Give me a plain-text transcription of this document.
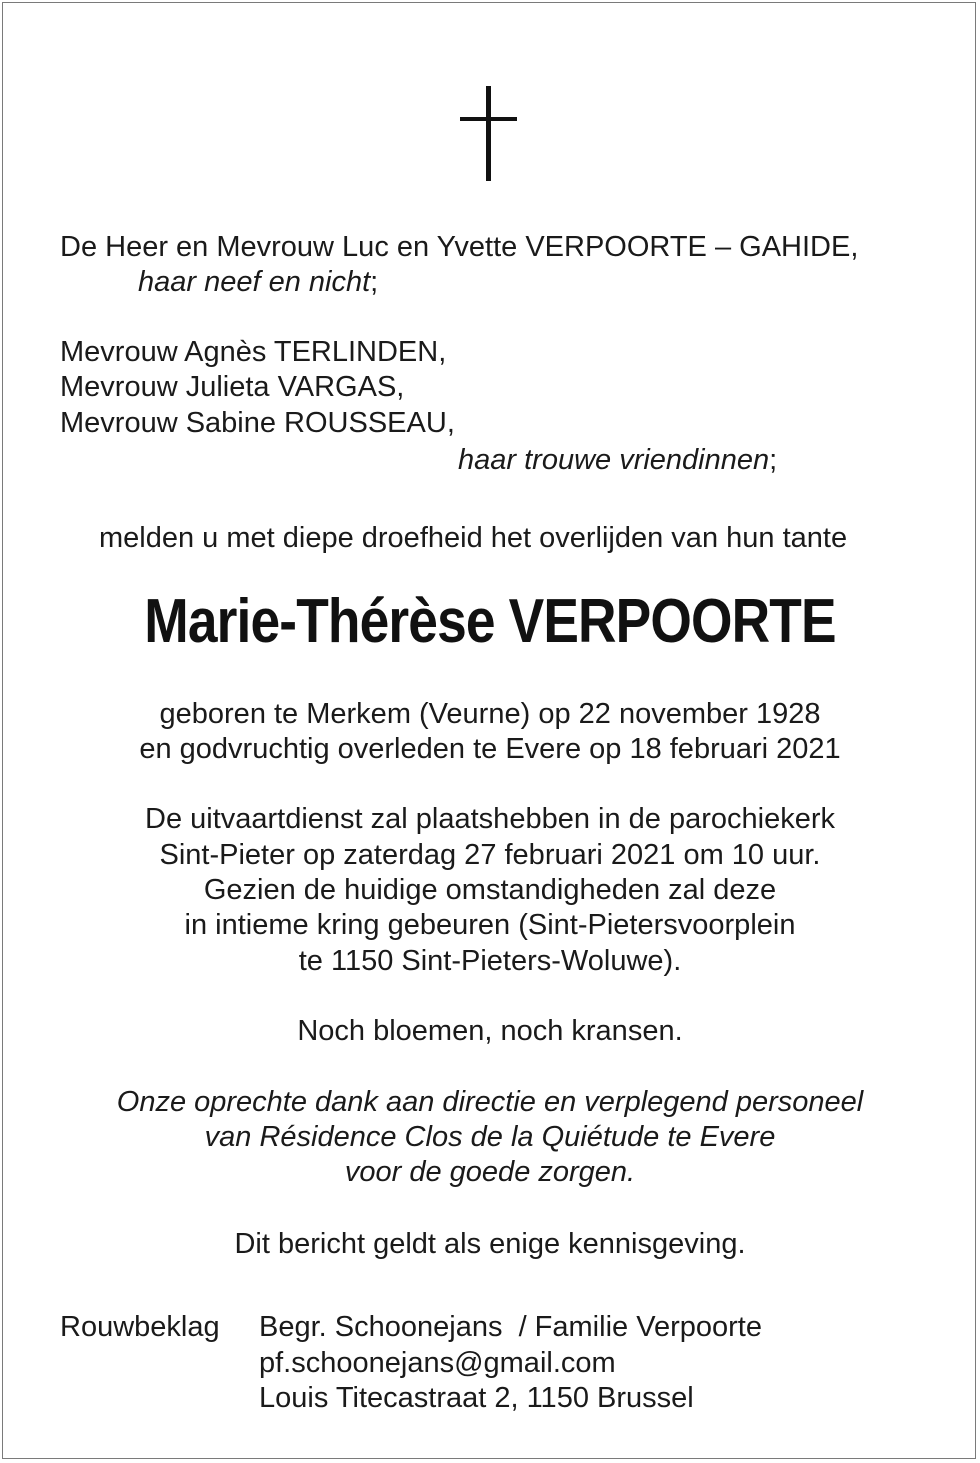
De Heer en Mevrouw Luc en Yvette VERPOORTE – GAHIDE,

haar neef en nicht;

Mevrouw Agnès TERLINDEN,

Mevrouw Julieta VARGAS,

Mevrouw Sabine ROUSSEAU,

haar trouwe vriendinnen;

melden u met diepe droefheid het overlijden van hun tante

Marie-Thérèse VERPOORTE

geboren te Merkem (Veurne) op 22 november 1928

en godvruchtig overleden te Evere op 18 februari 2021

De uitvaartdienst zal plaatshebben in de parochiekerk

Sint-Pieter op zaterdag 27 februari 2021 om 10 uur.

Gezien de huidige omstandigheden zal deze

in intieme kring gebeuren (Sint-Pietersvoorplein

te 1150 Sint-Pieters-Woluwe).

Noch bloemen, noch kransen.

Onze oprechte dank aan directie en verplegend personeel

van Résidence Clos de la Quiétude te Evere

voor de goede zorgen.

Dit bericht geldt als enige kennisgeving.

Rouwbeklag Begr. Schoonejans  / Familie Verpoorte

pf.schoonejans@gmail.com

Louis Titecastraat 2, 1150 Brussel
